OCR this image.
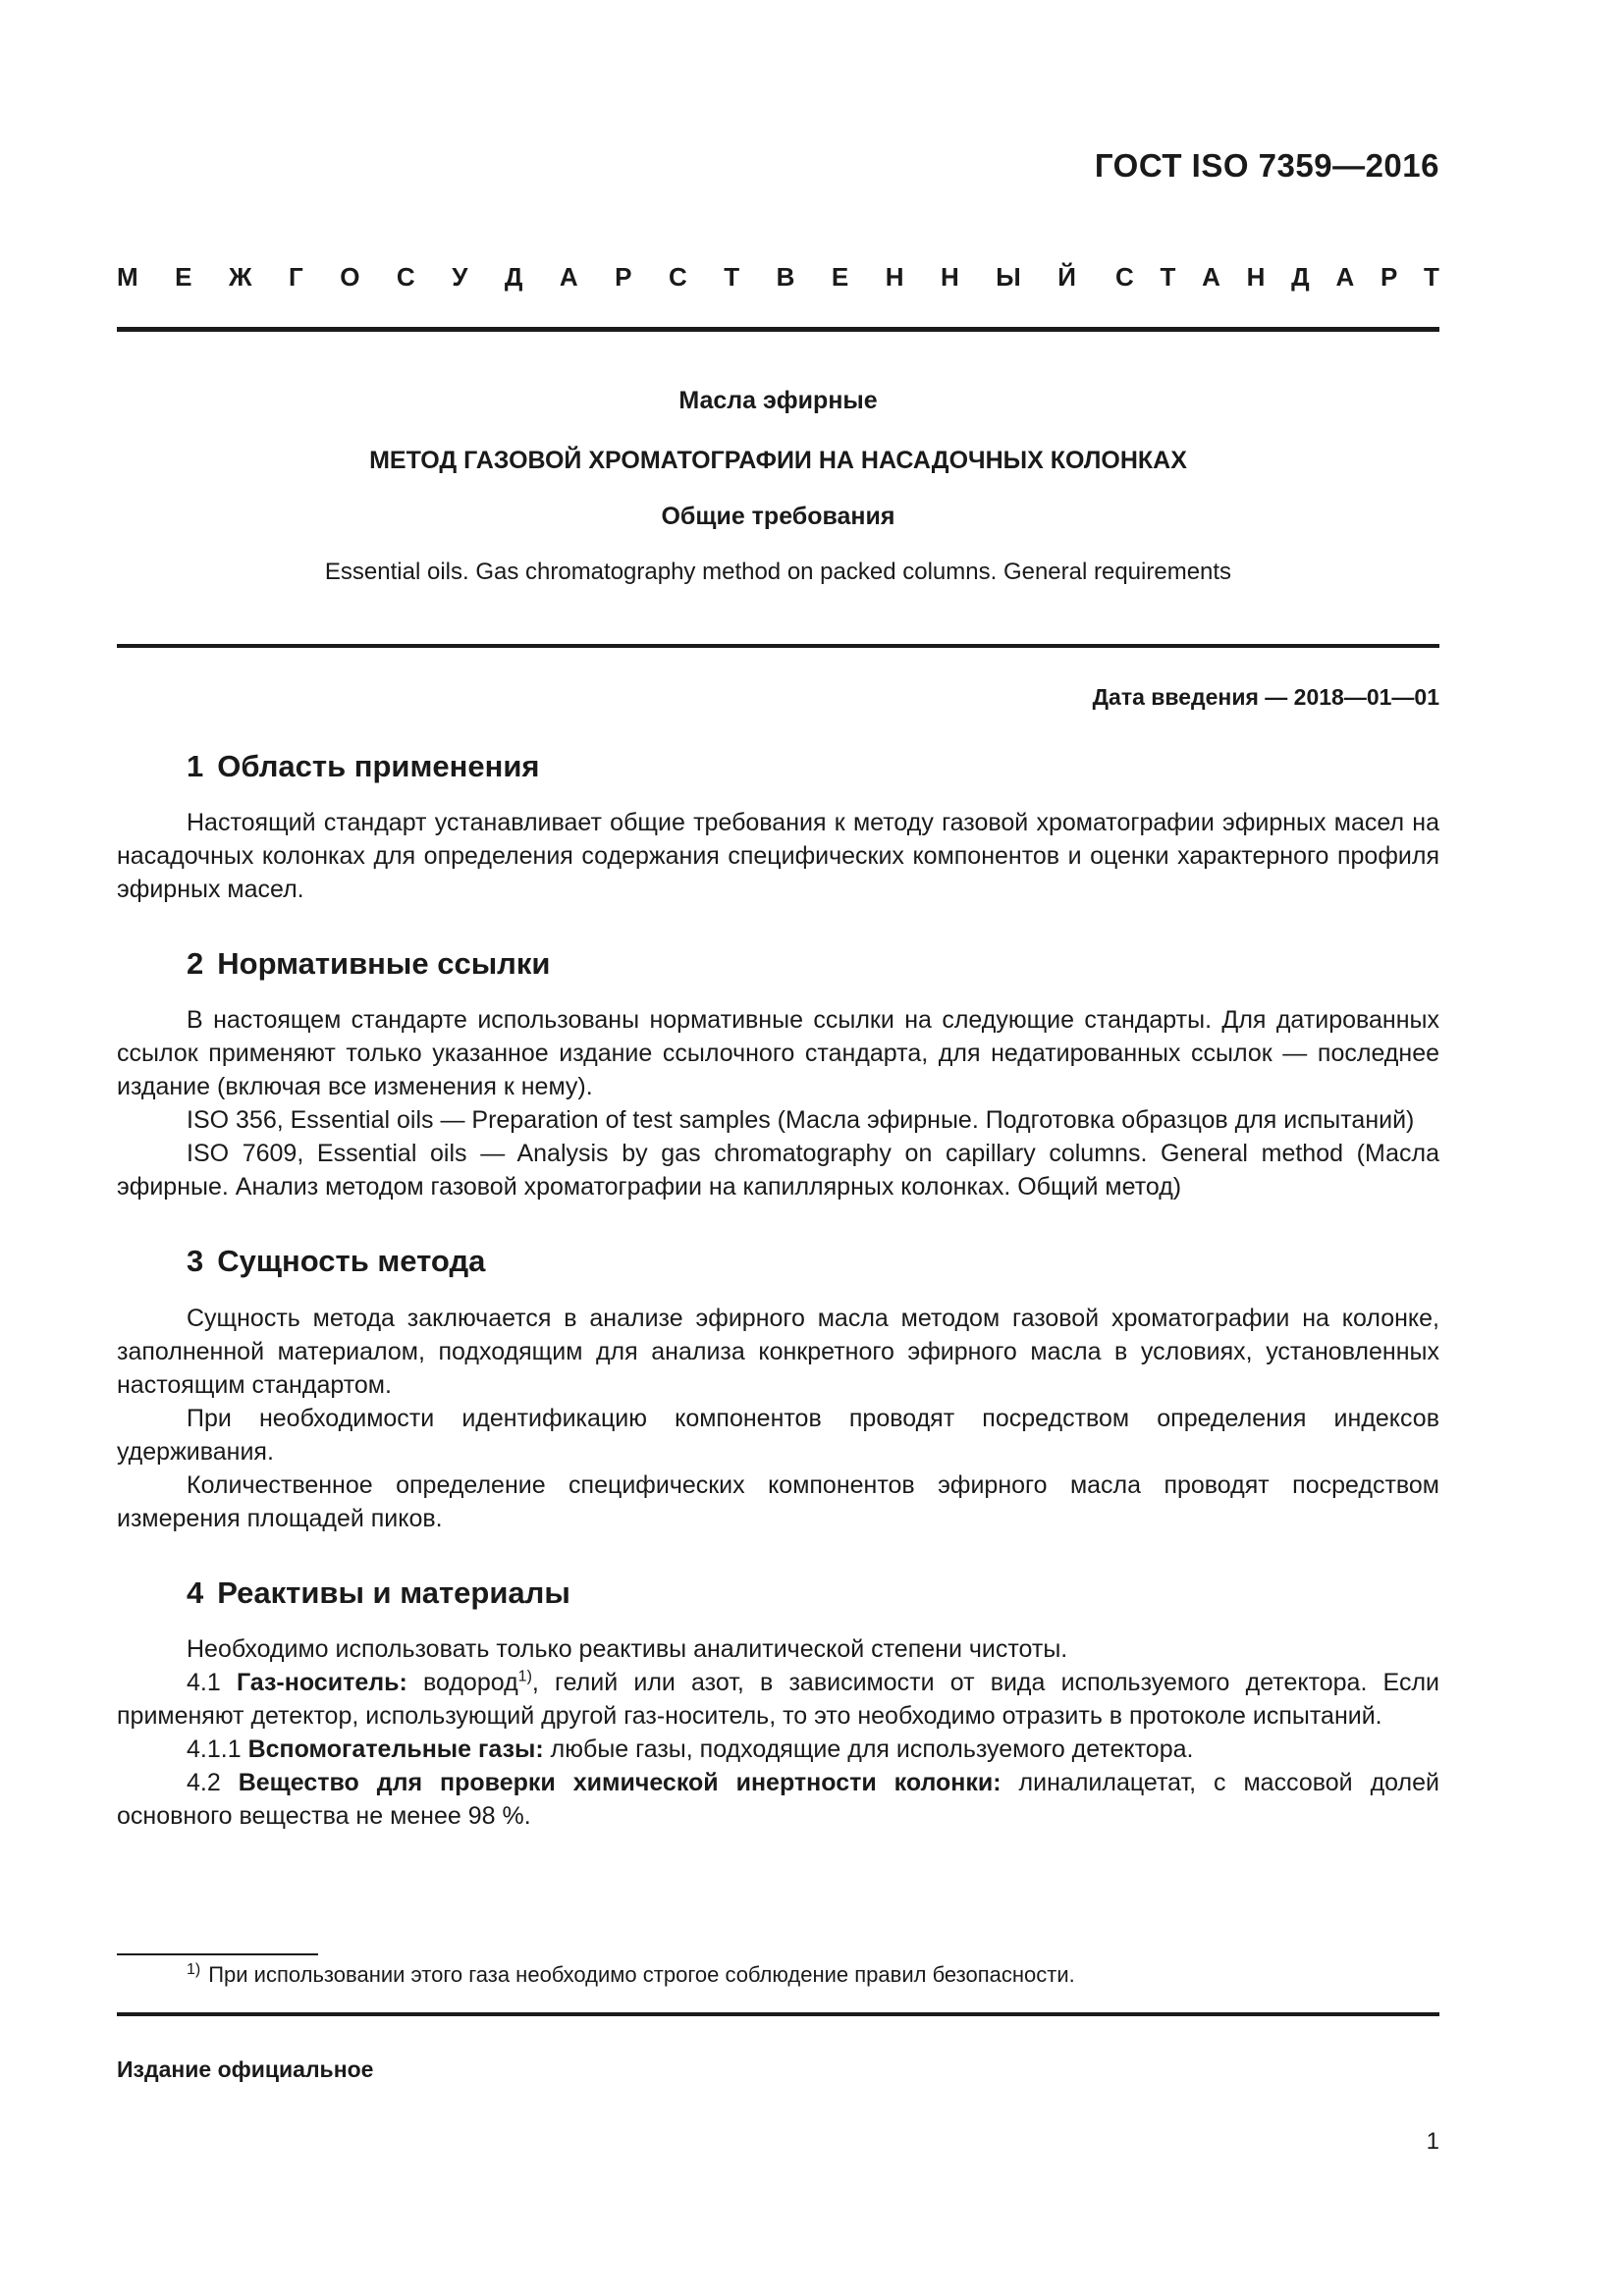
ГОСТ ISO 7359—2016
М Е Ж Г О С У Д А Р С Т В Е Н Н Ы Й С Т А Н Д А Р Т
Масла эфирные
МЕТОД ГАЗОВОЙ ХРОМАТОГРАФИИ НА НАСАДОЧНЫХ КОЛОНКАХ
Общие требования
Essential oils. Gas chromatography method on packed columns. General requirements
Дата введения — 2018—01—01
1 Область применения

Настоящий стандарт устанавливает общие требования к методу газовой хроматографии эфирных масел на насадочных колонках для определения содержания специфических компонентов и оценки характерного профиля эфирных масел.

2 Нормативные ссылки

В настоящем стандарте использованы нормативные ссылки на следующие стандарты. Для датированных ссылок применяют только указанное издание ссылочного стандарта, для недатированных ссылок — последнее издание (включая все изменения к нему).

ISO 356, Essential oils — Preparation of test samples (Масла эфирные. Подготовка образцов для испытаний)

ISO 7609, Essential oils — Analysis by gas chromatography on capillary columns. General method (Масла эфирные. Анализ методом газовой хроматографии на капиллярных колонках. Общий метод)

3 Сущность метода

Сущность метода заключается в анализе эфирного масла методом газовой хроматографии на колонке, заполненной материалом, подходящим для анализа конкретного эфирного масла в условиях, установленных настоящим стандартом.

При необходимости идентификацию компонентов проводят посредством определения индексов удерживания.

Количественное определение специфических компонентов эфирного масла проводят посредством измерения площадей пиков.

4 Реактивы и материалы

Необходимо использовать только реактивы аналитической степени чистоты.

4.1 Газ-носитель: водород$^{1)}$, гелий или азот, в зависимости от вида используемого детектора. Если применяют детектор, использующий другой газ-носитель, то это необходимо отразить в протоколе испытаний.

4.1.1 Вспомогательные газы: любые газы, подходящие для используемого детектора.

4.2 Вещество для проверки химической инертности колонки: линалилацетат, с массовой долей основного вещества не менее 98 %.

$^{1)}$ При использовании этого газа необходимо строгое соблюдение правил безопасности.
Издание официальное
1
